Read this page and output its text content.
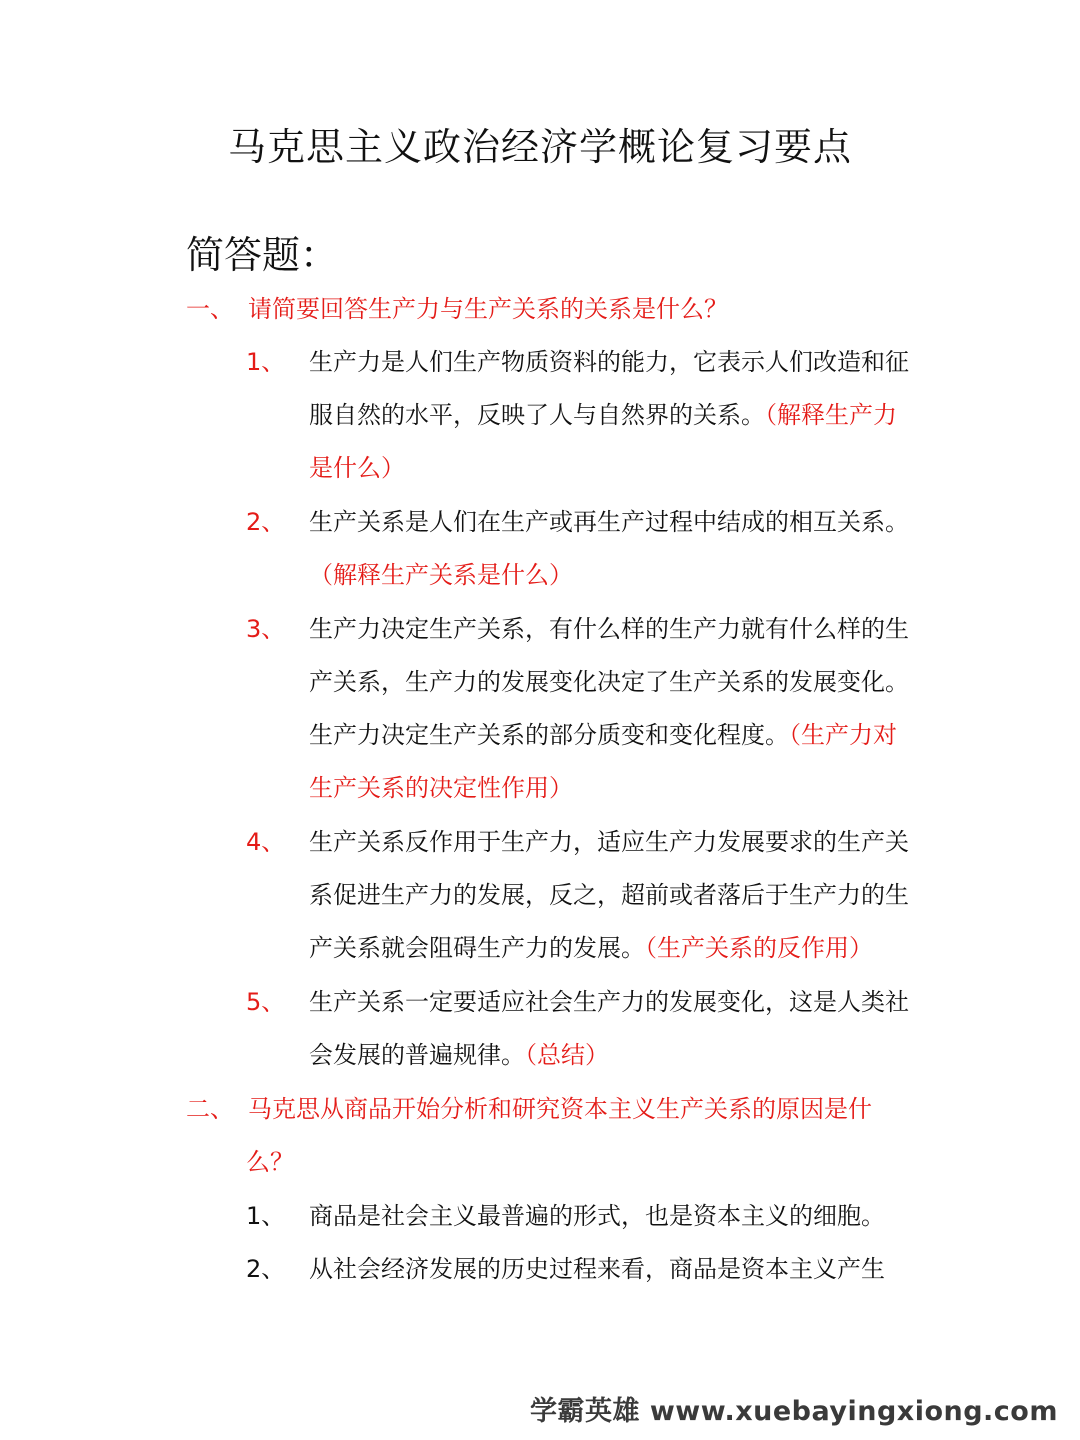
马克思主义政治经济学概论复习要点
简答题：
一、 请简要回答生产力与生产关系的关系是什么？
1、 生产力是人们生产物质资料的能力，它表示人们改造和征
服自然的水平，反映了人与自然界的关系。（解释生产力
是什么）
2、 生产关系是人们在生产或再生产过程中结成的相互关系。
（解释生产关系是什么）
3、 生产力决定生产关系，有什么样的生产力就有什么样的生
产关系，生产力的发展变化决定了生产关系的发展变化。
生产力决定生产关系的部分质变和变化程度。（生产力对
生产关系的决定性作用）
4、 生产关系反作用于生产力，适应生产力发展要求的生产关
系促进生产力的发展，反之，超前或者落后于生产力的生
产关系就会阻碍生产力的发展。（生产关系的反作用）
5、 生产关系一定要适应社会生产力的发展变化，这是人类社
会发展的普遍规律。（总结）
二、 马克思从商品开始分析和研究资本主义生产关系的原因是什
么？
1、 商品是社会主义最普遍的形式，也是资本主义的细胞。
2、 从社会经济发展的历史过程来看，商品是资本主义产生
学霸英雄 www.xuebayingxiong.com
